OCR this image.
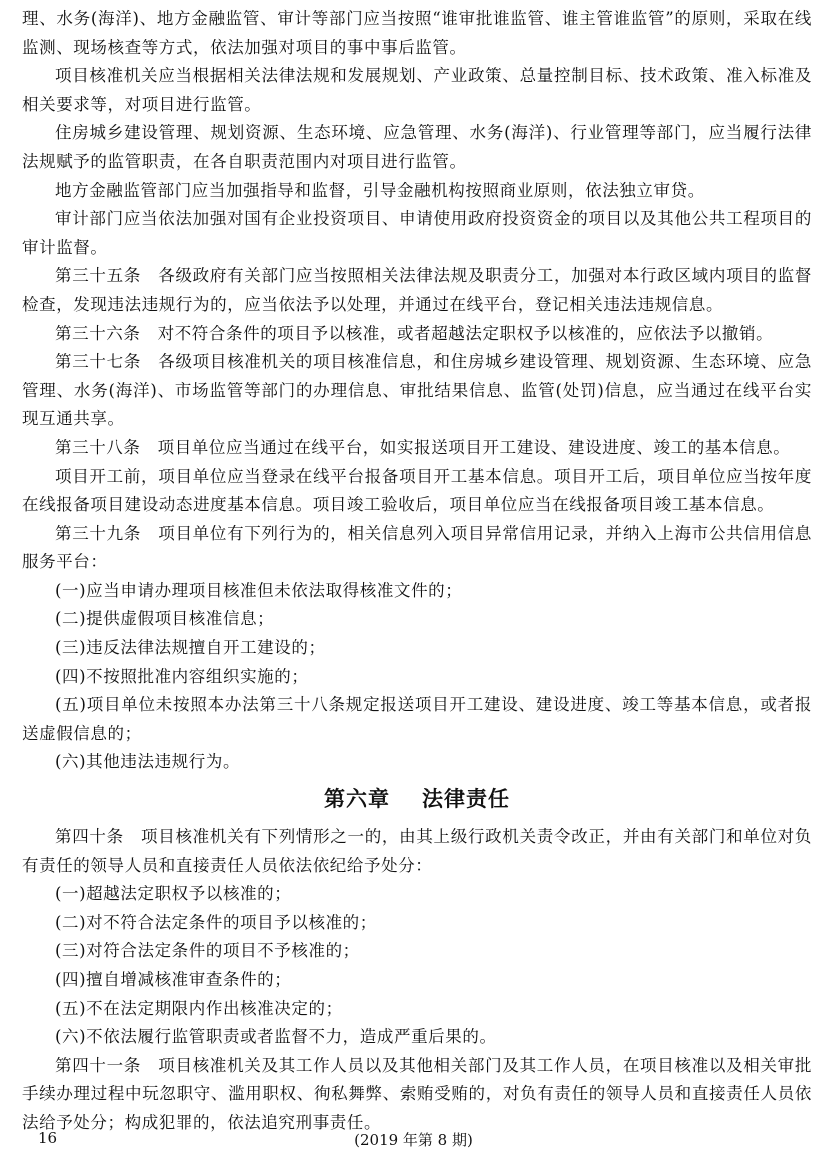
理、水务(海洋)、地方金融监管、审计等部门应当按照“谁审批谁监管、谁主管谁监管”的原则，采取在线监测、现场核查等方式，依法加强对项目的事中事后监管。

项目核准机关应当根据相关法律法规和发展规划、产业政策、总量控制目标、技术政策、准入标准及相关要求等，对项目进行监管。

住房城乡建设管理、规划资源、生态环境、应急管理、水务(海洋)、行业管理等部门，应当履行法律法规赋予的监管职责，在各自职责范围内对项目进行监管。

地方金融监管部门应当加强指导和监督，引导金融机构按照商业原则，依法独立审贷。

审计部门应当依法加强对国有企业投资项目、申请使用政府投资资金的项目以及其他公共工程项目的审计监督。

第三十五条　各级政府有关部门应当按照相关法律法规及职责分工，加强对本行政区域内项目的监督检查，发现违法违规行为的，应当依法予以处理，并通过在线平台，登记相关违法违规信息。

第三十六条　对不符合条件的项目予以核准，或者超越法定职权予以核准的，应依法予以撤销。

第三十七条　各级项目核准机关的项目核准信息，和住房城乡建设管理、规划资源、生态环境、应急管理、水务(海洋)、市场监管等部门的办理信息、审批结果信息、监管(处罚)信息，应当通过在线平台实现互通共享。

第三十八条　项目单位应当通过在线平台，如实报送项目开工建设、建设进度、竣工的基本信息。

项目开工前，项目单位应当登录在线平台报备项目开工基本信息。项目开工后，项目单位应当按年度在线报备项目建设动态进度基本信息。项目竣工验收后，项目单位应当在线报备项目竣工基本信息。

第三十九条　项目单位有下列行为的，相关信息列入项目异常信用记录，并纳入上海市公共信用信息服务平台：

(一)应当申请办理项目核准但未依法取得核准文件的；

(二)提供虚假项目核准信息；

(三)违反法律法规擅自开工建设的；

(四)不按照批准内容组织实施的；

(五)项目单位未按照本办法第三十八条规定报送项目开工建设、建设进度、竣工等基本信息，或者报送虚假信息的；

(六)其他违法违规行为。

第六章 法律责任

第四十条　项目核准机关有下列情形之一的，由其上级行政机关责令改正，并由有关部门和单位对负有责任的领导人员和直接责任人员依法依纪给予处分：

(一)超越法定职权予以核准的；

(二)对不符合法定条件的项目予以核准的；

(三)对符合法定条件的项目不予核准的；

(四)擅自增减核准审查条件的；

(五)不在法定期限内作出核准决定的；

(六)不依法履行监管职责或者监督不力，造成严重后果的。

第四十一条　项目核准机关及其工作人员以及其他相关部门及其工作人员，在项目核准以及相关审批手续办理过程中玩忽职守、滥用职权、徇私舞弊、索贿受贿的，对负有责任的领导人员和直接责任人员依法给予处分；构成犯罪的，依法追究刑事责任。

16	(2019 年第 8 期)
